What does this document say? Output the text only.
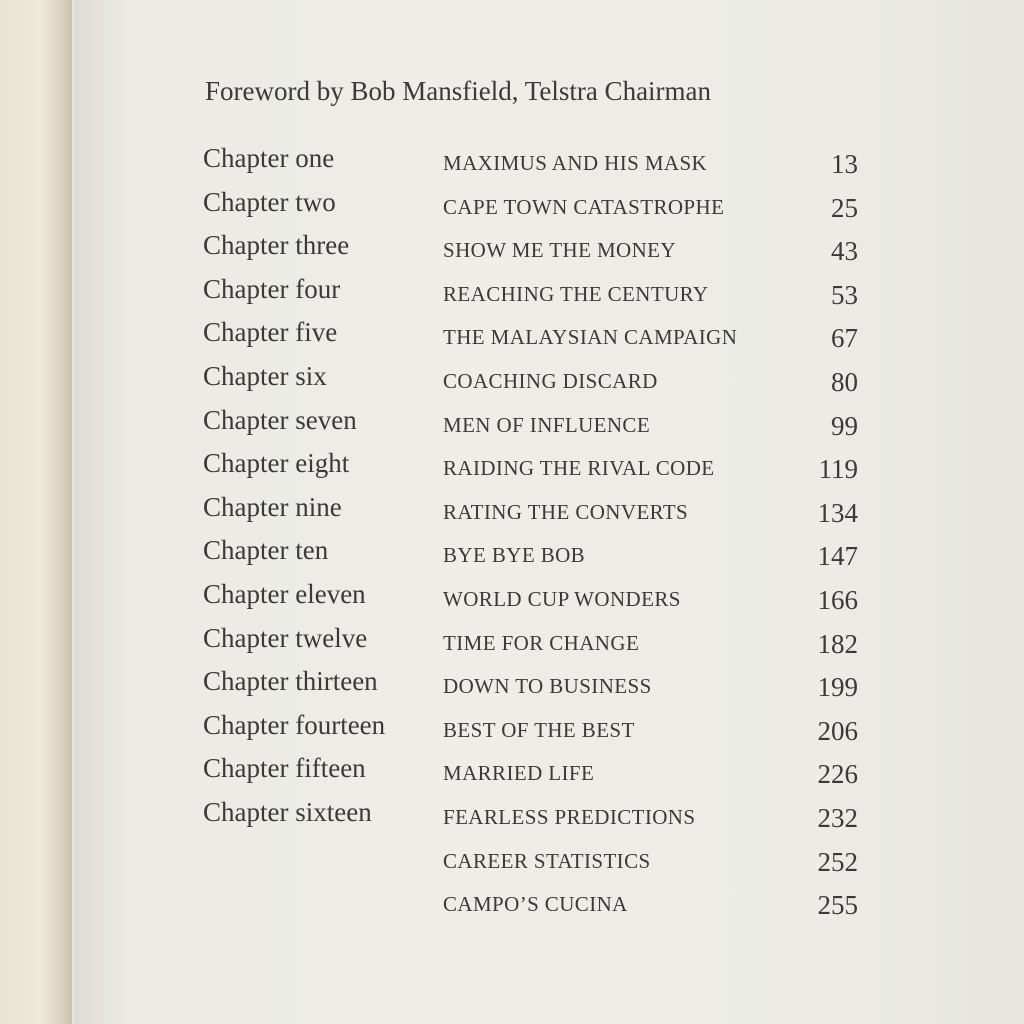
Foreword by Bob Mansfield, Telstra Chairman
Chapter one	MAXIMUS AND HIS MASK	13
Chapter two	CAPE TOWN CATASTROPHE	25
Chapter three	SHOW ME THE MONEY	43
Chapter four	REACHING THE CENTURY	53
Chapter five	THE MALAYSIAN CAMPAIGN	67
Chapter six	COACHING DISCARD	80
Chapter seven	MEN OF INFLUENCE	99
Chapter eight	RAIDING THE RIVAL CODE	119
Chapter nine	RATING THE CONVERTS	134
Chapter ten	BYE BYE BOB	147
Chapter eleven	WORLD CUP WONDERS	166
Chapter twelve	TIME FOR CHANGE	182
Chapter thirteen	DOWN TO BUSINESS	199
Chapter fourteen	BEST OF THE BEST	206
Chapter fifteen	MARRIED LIFE	226
Chapter sixteen	FEARLESS PREDICTIONS	232
CAREER STATISTICS	252
CAMPO’S CUCINA	255
